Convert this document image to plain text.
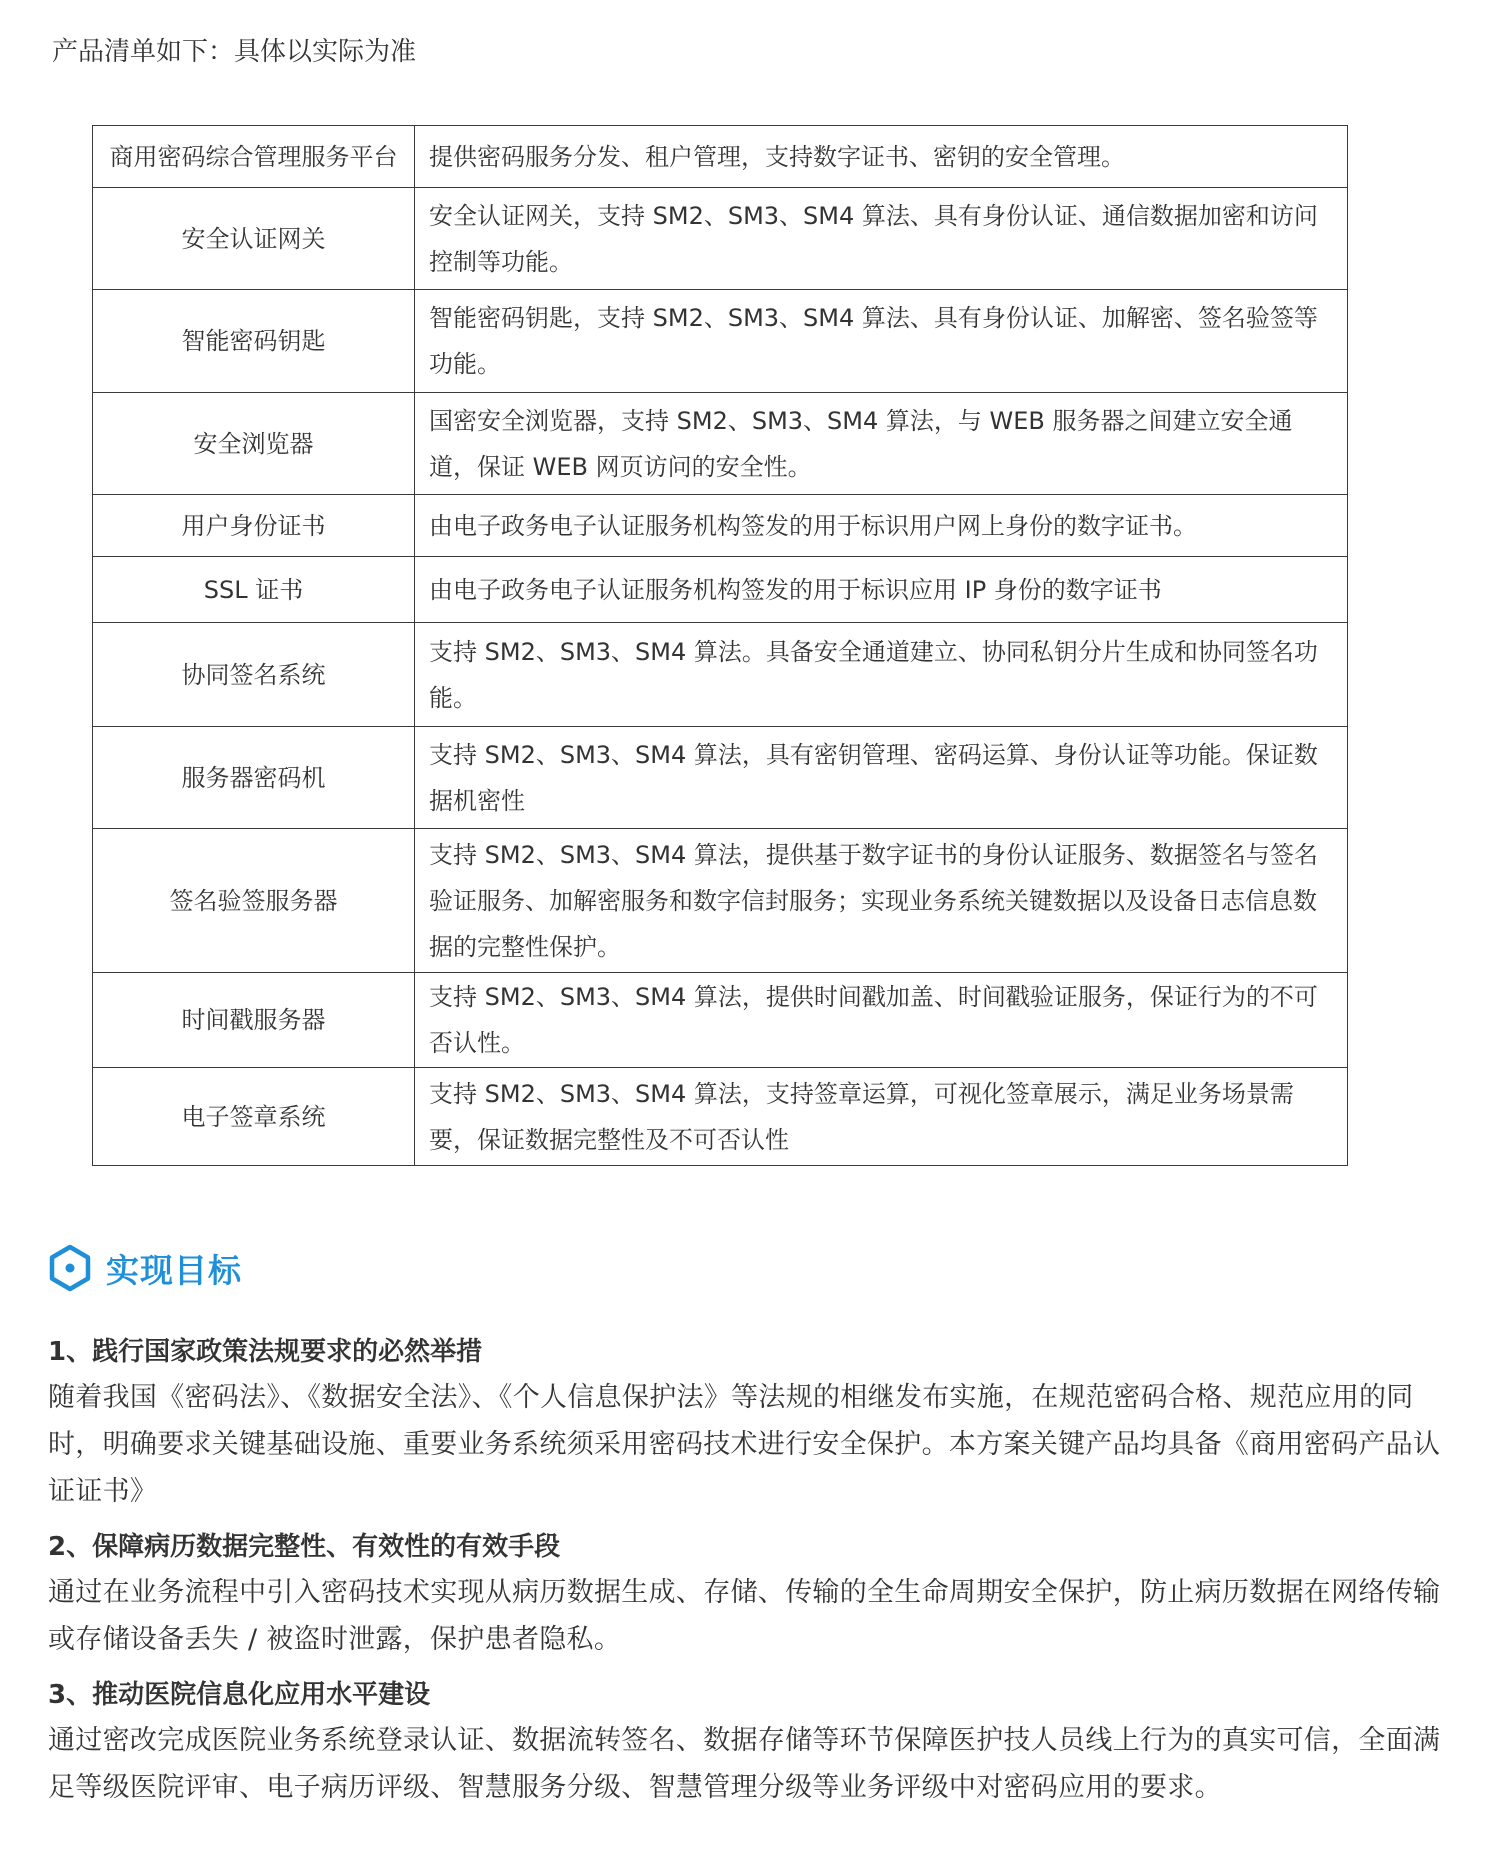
产品清单如下：具体以实际为准
商用密码综合管理服务平台	提供密码服务分发、租户管理，支持数字证书、密钥的安全管理。
安全认证网关	安全认证网关，支持 SM2、SM3、SM4 算法、具有身份认证、通信数据加密和访问控制等功能。
智能密码钥匙	智能密码钥匙，支持 SM2、SM3、SM4 算法、具有身份认证、加解密、签名验签等功能。
安全浏览器	国密安全浏览器，支持 SM2、SM3、SM4 算法，与 WEB 服务器之间建立安全通道，保证 WEB 网页访问的安全性。
用户身份证书	由电子政务电子认证服务机构签发的用于标识用户网上身份的数字证书。
SSL 证书	由电子政务电子认证服务机构签发的用于标识应用 IP 身份的数字证书
协同签名系统	支持 SM2、SM3、SM4 算法。具备安全通道建立、协同私钥分片生成和协同签名功能。
服务器密码机	支持 SM2、SM3、SM4 算法，具有密钥管理、密码运算、身份认证等功能。保证数据机密性
签名验签服务器	支持 SM2、SM3、SM4 算法，提供基于数字证书的身份认证服务、数据签名与签名验证服务、加解密服务和数字信封服务；实现业务系统关键数据以及设备日志信息数据的完整性保护。
时间戳服务器	支持 SM2、SM3、SM4 算法，提供时间戳加盖、时间戳验证服务，保证行为的不可否认性。
电子签章系统	支持 SM2、SM3、SM4 算法，支持签章运算，可视化签章展示，满足业务场景需要，保证数据完整性及不可否认性
实现目标
1、践行国家政策法规要求的必然举措
随着我国《密码法》、《数据安全法》、《个人信息保护法》等法规的相继发布实施，在规范密码合格、规范应用的同时，明确要求关键基础设施、重要业务系统须采用密码技术进行安全保护。本方案关键产品均具备《商用密码产品认证证书》
2、保障病历数据完整性、有效性的有效手段
通过在业务流程中引入密码技术实现从病历数据生成、存储、传输的全生命周期安全保护，防止病历数据在网络传输或存储设备丢失 / 被盗时泄露，保护患者隐私。
3、推动医院信息化应用水平建设
通过密改完成医院业务系统登录认证、数据流转签名、数据存储等环节保障医护技人员线上行为的真实可信，全面满足等级医院评审、电子病历评级、智慧服务分级、智慧管理分级等业务评级中对密码应用的要求。
